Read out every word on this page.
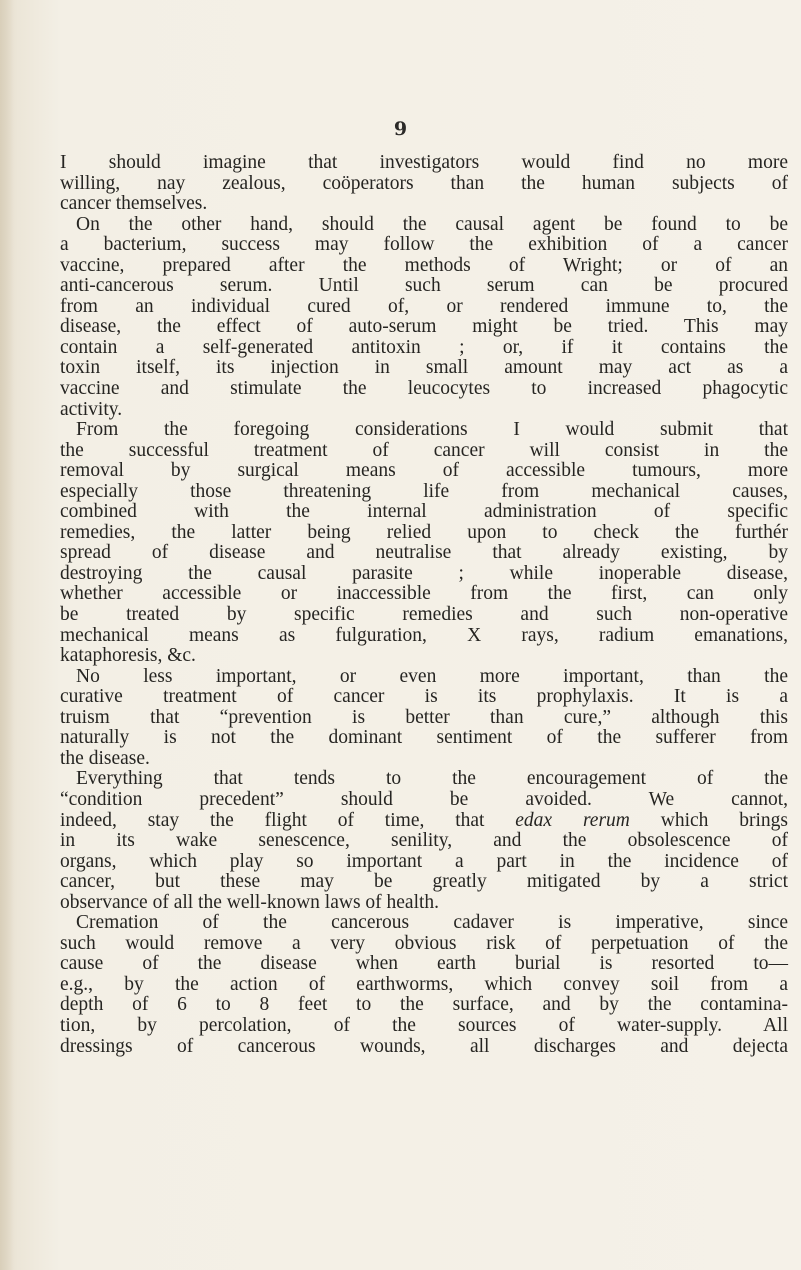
9

I should imagine that investigators would find no more
willing, nay zealous, coöperators than the human subjects of
cancer themselves.

On the other hand, should the causal agent be found to be
a bacterium, success may follow the exhibition of a cancer
vaccine, prepared after the methods of Wright; or of an
anti-cancerous serum. Until such serum can be procured
from an individual cured of, or rendered immune to, the
disease, the effect of auto-serum might be tried. This may
contain a self-generated antitoxin ; or, if it contains the
toxin itself, its injection in small amount may act as a
vaccine and stimulate the leucocytes to increased phagocytic
activity.

From the foregoing considerations I would submit that
the successful treatment of cancer will consist in the
removal by surgical means of accessible tumours, more
especially those threatening life from mechanical causes,
combined with the internal administration of specific
remedies, the latter being relied upon to check the furthér
spread of disease and neutralise that already existing, by
destroying the causal parasite ; while inoperable disease,
whether accessible or inaccessible from the first, can only
be treated by specific remedies and such non-operative
mechanical means as fulguration, X rays, radium emanations,
kataphoresis, &c.

No less important, or even more important, than the
curative treatment of cancer is its prophylaxis. It is a
truism that “prevention is better than cure,” although this
naturally is not the dominant sentiment of the sufferer from
the disease.

Everything that tends to the encouragement of the
“condition precedent” should be avoided. We cannot,
indeed, stay the flight of time, that edax rerum which brings
in its wake senescence, senility, and the obsolescence of
organs, which play so important a part in the incidence of
cancer, but these may be greatly mitigated by a strict
observance of all the well-known laws of health.

Cremation of the cancerous cadaver is imperative, since
such would remove a very obvious risk of perpetuation of the
cause of the disease when earth burial is resorted to—
e.g., by the action of earthworms, which convey soil from a
depth of 6 to 8 feet to the surface, and by the contamina-
tion, by percolation, of the sources of water-supply. All
dressings of cancerous wounds, all discharges and dejecta
